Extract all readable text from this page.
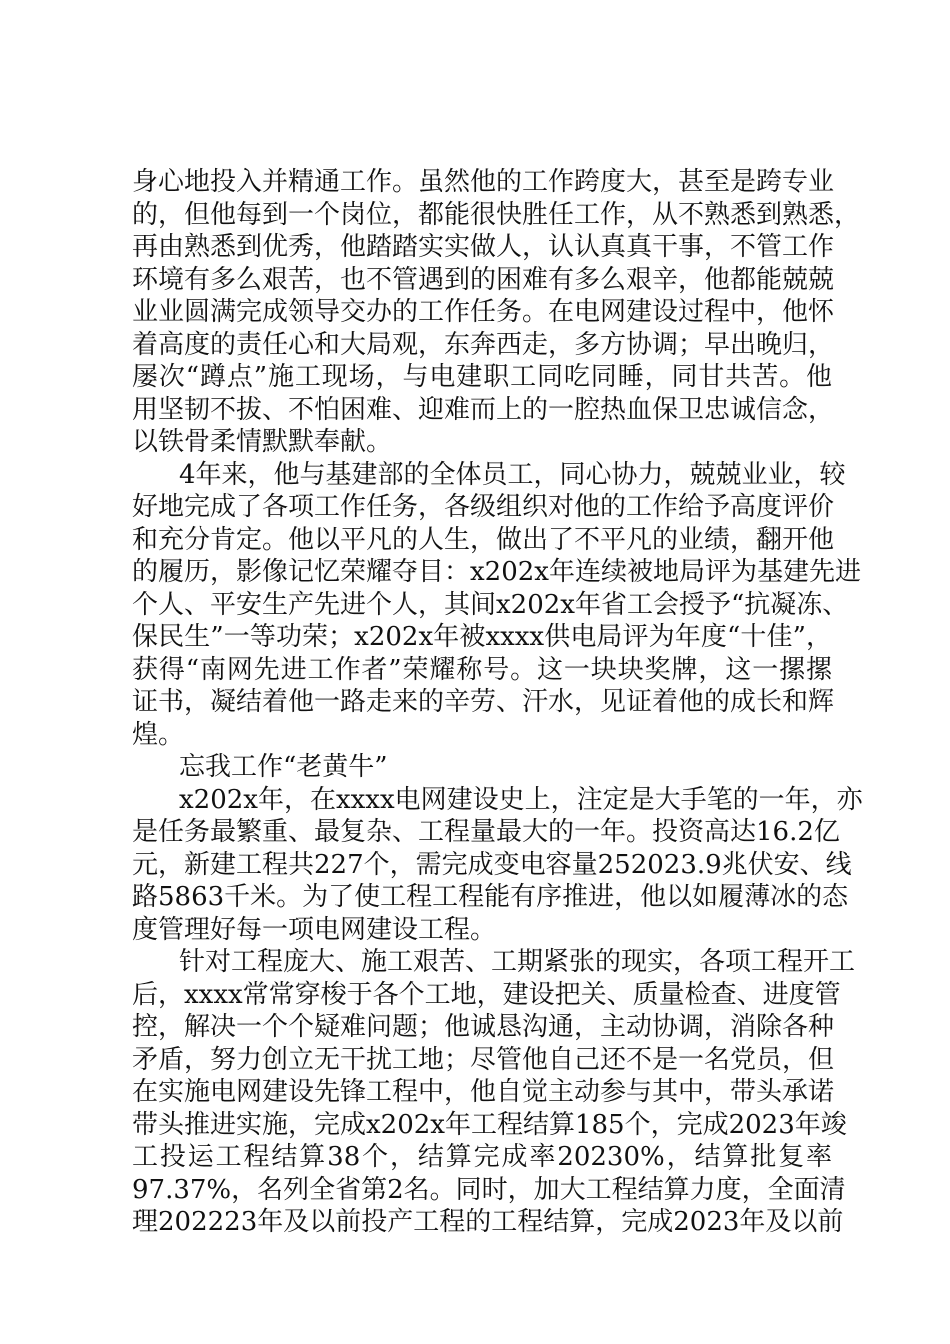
身心地投入并精通工作。虽然他的工作跨度大，甚至是跨专业
的，但他每到一个岗位，都能很快胜任工作，从不熟悉到熟悉，
再由熟悉到优秀，他踏踏实实做人，认认真真干事，不管工作
环境有多么艰苦，也不管遇到的困难有多么艰辛，他都能兢兢
业业圆满完成领导交办的工作任务。在电网建设过程中，他怀
着高度的责任心和大局观，东奔西走，多方协调；早出晚归，
屡次“蹲点”施工现场，与电建职工同吃同睡，同甘共苦。他
用坚韧不拔、不怕困难、迎难而上的一腔热血保卫忠诚信念，
以铁骨柔情默默奉献。
4年来，他与基建部的全体员工，同心协力，兢兢业业，较
好地完成了各项工作任务，各级组织对他的工作给予高度评价
和充分肯定。他以平凡的人生，做出了不平凡的业绩，翻开他
的履历，影像记忆荣耀夺目：x202x年连续被地局评为基建先进
个人、平安生产先进个人，其间x202x年省工会授予“抗凝冻、
保民生”一等功荣；x202x年被xxxx供电局评为年度“十佳”，
获得“南网先进工作者”荣耀称号。这一块块奖牌，这一摞摞
证书，凝结着他一路走来的辛劳、汗水，见证着他的成长和辉
煌。
忘我工作“老黄牛”
x202x年，在xxxx电网建设史上，注定是大手笔的一年，亦
是任务最繁重、最复杂、工程量最大的一年。投资高达16.2亿
元，新建工程共227个，需完成变电容量252023.9兆伏安、线
路5863千米。为了使工程工程能有序推进，他以如履薄冰的态
度管理好每一项电网建设工程。
针对工程庞大、施工艰苦、工期紧张的现实，各项工程开工
后，xxxx常常穿梭于各个工地，建设把关、质量检查、进度管
控，解决一个个疑难问题；他诚恳沟通，主动协调，消除各种
矛盾，努力创立无干扰工地；尽管他自己还不是一名党员，但
在实施电网建设先锋工程中，他自觉主动参与其中，带头承诺
带头推进实施，完成x202x年工程结算185个，完成2023年竣
工投运工程结算38个，结算完成率20230%，结算批复率
97.37%，名列全省第2名。同时，加大工程结算力度，全面清
理202223年及以前投产工程的工程结算，完成2023年及以前
